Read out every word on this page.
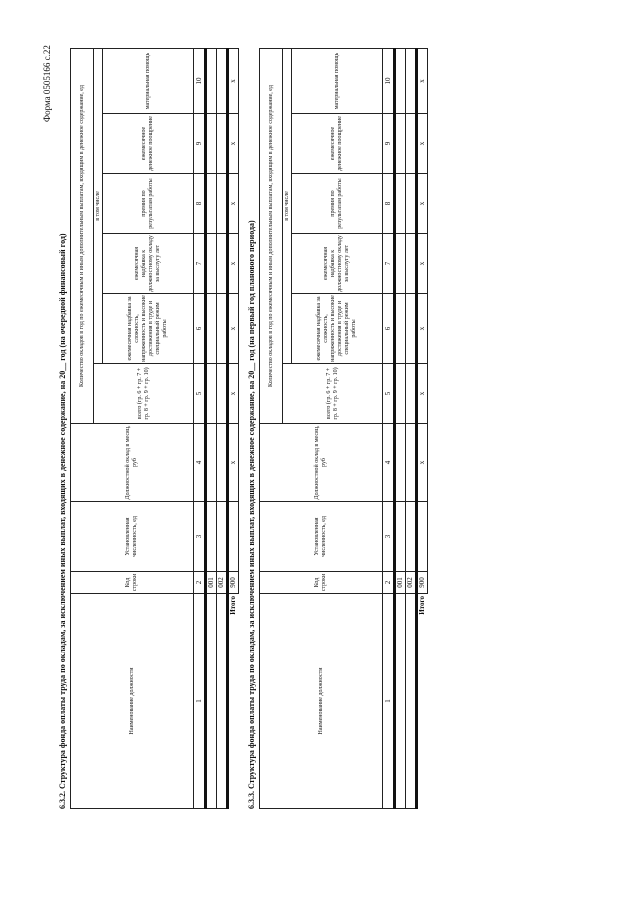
Форма 0505166 с.22
6.3.2. Структура фонда оплаты труда по окладам, за исключением иных выплат, входящих в денежное содержание, на 20__ год (на очередной финансовый год)	Наименование должности	Код строки	Установленная численность, ед	Должностной оклад в месяц, руб	Количество окладов в год по ежемесячным и иным дополнительным выплатам, входящим в денежное содержание, ед					
				всего (гр. 6 + гр. 7 + гр. 8 + гр. 9 + гр. 10)	в том числе				
					ежемесячная надбавка за сложность, напряженность и высокие достижения в труде и специальный режим работы	ежемесячная надбавка к должностному окладу за выслугу лет	премия по результатам работы	ежемесячное денежное поощрение	материальная помощь
1	2	3	4	5	6	7	8	9	10
	001								
	002								
Итого	900		x	x	x	x	x	x	x
6.3.3. Структура фонда оплаты труда по окладам, за исключением иных выплат, входящих в денежное содержание, на 20__ год (на первый год планового периода)	Наименование должности	Код строки	Установленная численность, ед	Должностной оклад в месяц, руб	Количество окладов в год по ежемесячным и иным дополнительным выплатам, входящим в денежное содержание, ед					
				всего (гр. 6 + гр. 7 + гр. 8 + гр. 9 + гр. 10)	в том числе				
					ежемесячная надбавка за сложность, напряженность и высокие достижения в труде и специальный режим работы	ежемесячная надбавка к должностному окладу за выслугу лет	премия по результатам работы	ежемесячное денежное поощрение	материальная помощь
1	2	3	4	5	6	7	8	9	10
	001								
	002								
Итого	900		x	x	x	x	x	x	x
